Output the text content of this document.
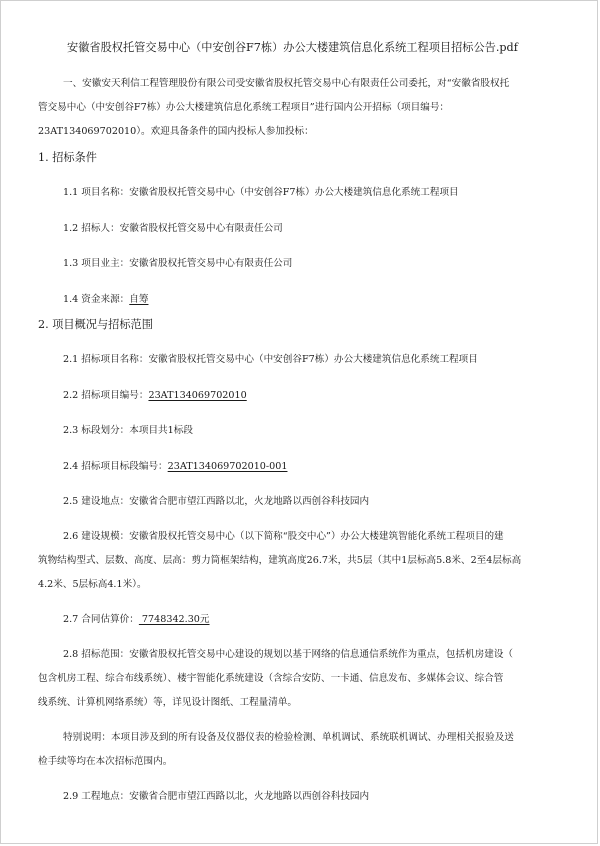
安徽省股权托管交易中心（中安创谷F7栋）办公大楼建筑信息化系统工程项目招标公告.pdf

一、安徽安天利信工程管理股份有限公司受安徽省股权托管交易中心有限责任公司委托，对“安徽省股权托

管交易中心（中安创谷F7栋）办公大楼建筑信息化系统工程项目”进行国内公开招标（项目编号：

23AT134069702010）。欢迎具备条件的国内投标人参加投标：

1. 招标条件

1.1 项目名称：安徽省股权托管交易中心（中安创谷F7栋）办公大楼建筑信息化系统工程项目

1.2 招标人：安徽省股权托管交易中心有限责任公司

1.3 项目业主：安徽省股权托管交易中心有限责任公司

1.4 资金来源：自筹

2. 项目概况与招标范围

2.1 招标项目名称：安徽省股权托管交易中心（中安创谷F7栋）办公大楼建筑信息化系统工程项目

2.2 招标项目编号：23AT134069702010

2.3 标段划分：本项目共1标段

2.4 招标项目标段编号：23AT134069702010-001

2.5 建设地点：安徽省合肥市望江西路以北，火龙地路以西创谷科技园内

2.6 建设规模：安徽省股权托管交易中心（以下简称“股交中心”）办公大楼建筑智能化系统工程项目的建

筑物结构型式、层数、高度、层高：剪力筒框架结构，建筑高度26.7米，共5层（其中1层标高5.8米、2至4层标高

4.2米、5层标高4.1米）。

2.7 合同估算价： 7748342.30元

2.8 招标范围：安徽省股权托管交易中心建设的规划以基于网络的信息通信系统作为重点，包括机房建设（

包含机房工程、综合布线系统）、楼宇智能化系统建设（含综合安防、一卡通、信息发布、多媒体会议、综合管

线系统、计算机网络系统）等，详见设计图纸、工程量清单。

特别说明：本项目涉及到的所有设备及仪器仪表的检验检测、单机调试、系统联机调试、办理相关报验及送

检手续等均在本次招标范围内。

2.9 工程地点：安徽省合肥市望江西路以北，火龙地路以西创谷科技园内
